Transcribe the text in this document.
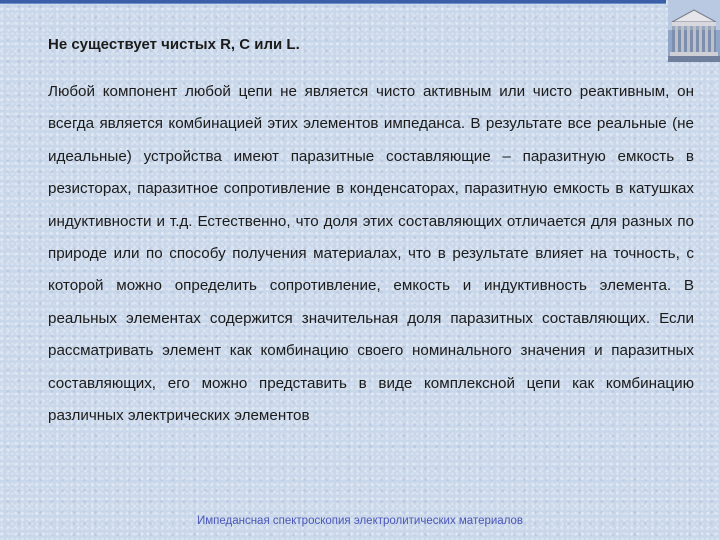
Не существует чистых R, C или L.

Любой компонент любой цепи не является чисто активным или чисто реактивным, он всегда является комбинацией этих элементов импеданса. В результате все реальные (не идеальные) устройства имеют паразитные составляющие – паразитную емкость в резисторах, паразитное сопротивление в конденсаторах, паразитную емкость в катушках индуктивности и т.д. Естественно, что доля этих составляющих отличается для разных по природе или по способу получения материалах, что в результате влияет на точность, с которой можно определить сопротивление, емкость и индуктивность элемента. В реальных элементах содержится значительная доля паразитных составляющих. Если рассматривать элемент как комбинацию своего номинального значения и паразитных составляющих, его можно представить в виде комплексной цепи как комбинацию различных электрических элементов

Импедансная спектроскопия электролитических материалов
